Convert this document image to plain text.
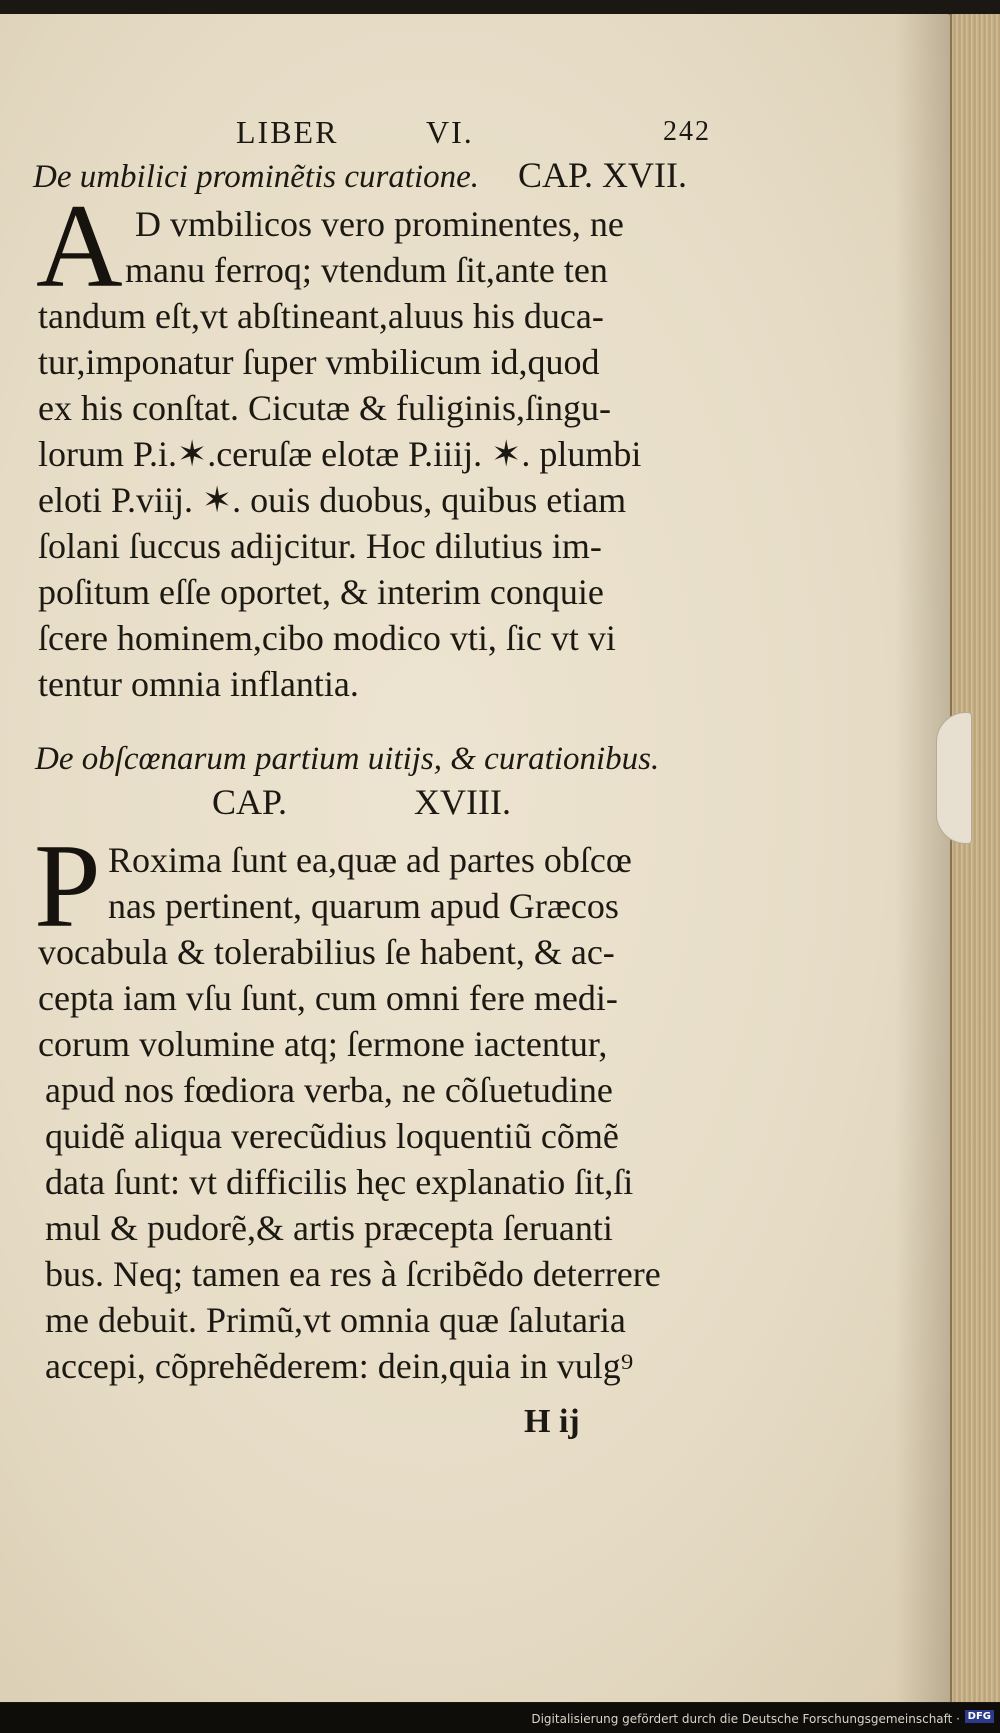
LIBER	VI.	242
De umbilici prominẽtis curatione. CAP. XVII.
A D vmbilicos vero prominentes, ne
manu ferroq; vtendum ſit,ante ten
tandum eſt,vt abſtineant,aluus his duca-
tur,imponatur ſuper vmbilicum id,quod
ex his conſtat. Cicutæ & fuliginis,ſingu-
lorum P.i.✶.ceruſæ elotæ P.iiij. ✶. plumbi
eloti P.viij. ✶. ouis duobus, quibus etiam
ſolani ſuccus adijcitur. Hoc dilutius im-
poſitum eſſe oportet, & interim conquie
ſcere hominem,cibo modico vti, ſic vt vi
tentur omnia inflantia.
De obſcœnarum partium uitijs, & curationibus.
CAP.	XVIII.
P Roxima ſunt ea,quæ ad partes obſcœ
nas pertinent, quarum apud Græcos
vocabula & tolerabilius ſe habent, & ac-
cepta iam vſu ſunt, cum omni fere medi-
corum volumine atq; ſermone iactentur,
apud nos fœdiora verba, ne cõſuetudine
quidẽ aliqua verecũdius loquentiũ cõmẽ
data ſunt: vt difficilis hęc explanatio ſit,ſi
mul & pudorẽ,& artis præcepta ſeruanti
bus. Neq; tamen ea res à ſcribẽdo deterrere
me debuit. Primũ,vt omnia quæ ſalutaria
accepi, cõprehẽderem: dein,quia in vulg⁹
H ij
Digitalisierung gefördert durch die Deutsche Forschungsgemeinschaft · DFG
